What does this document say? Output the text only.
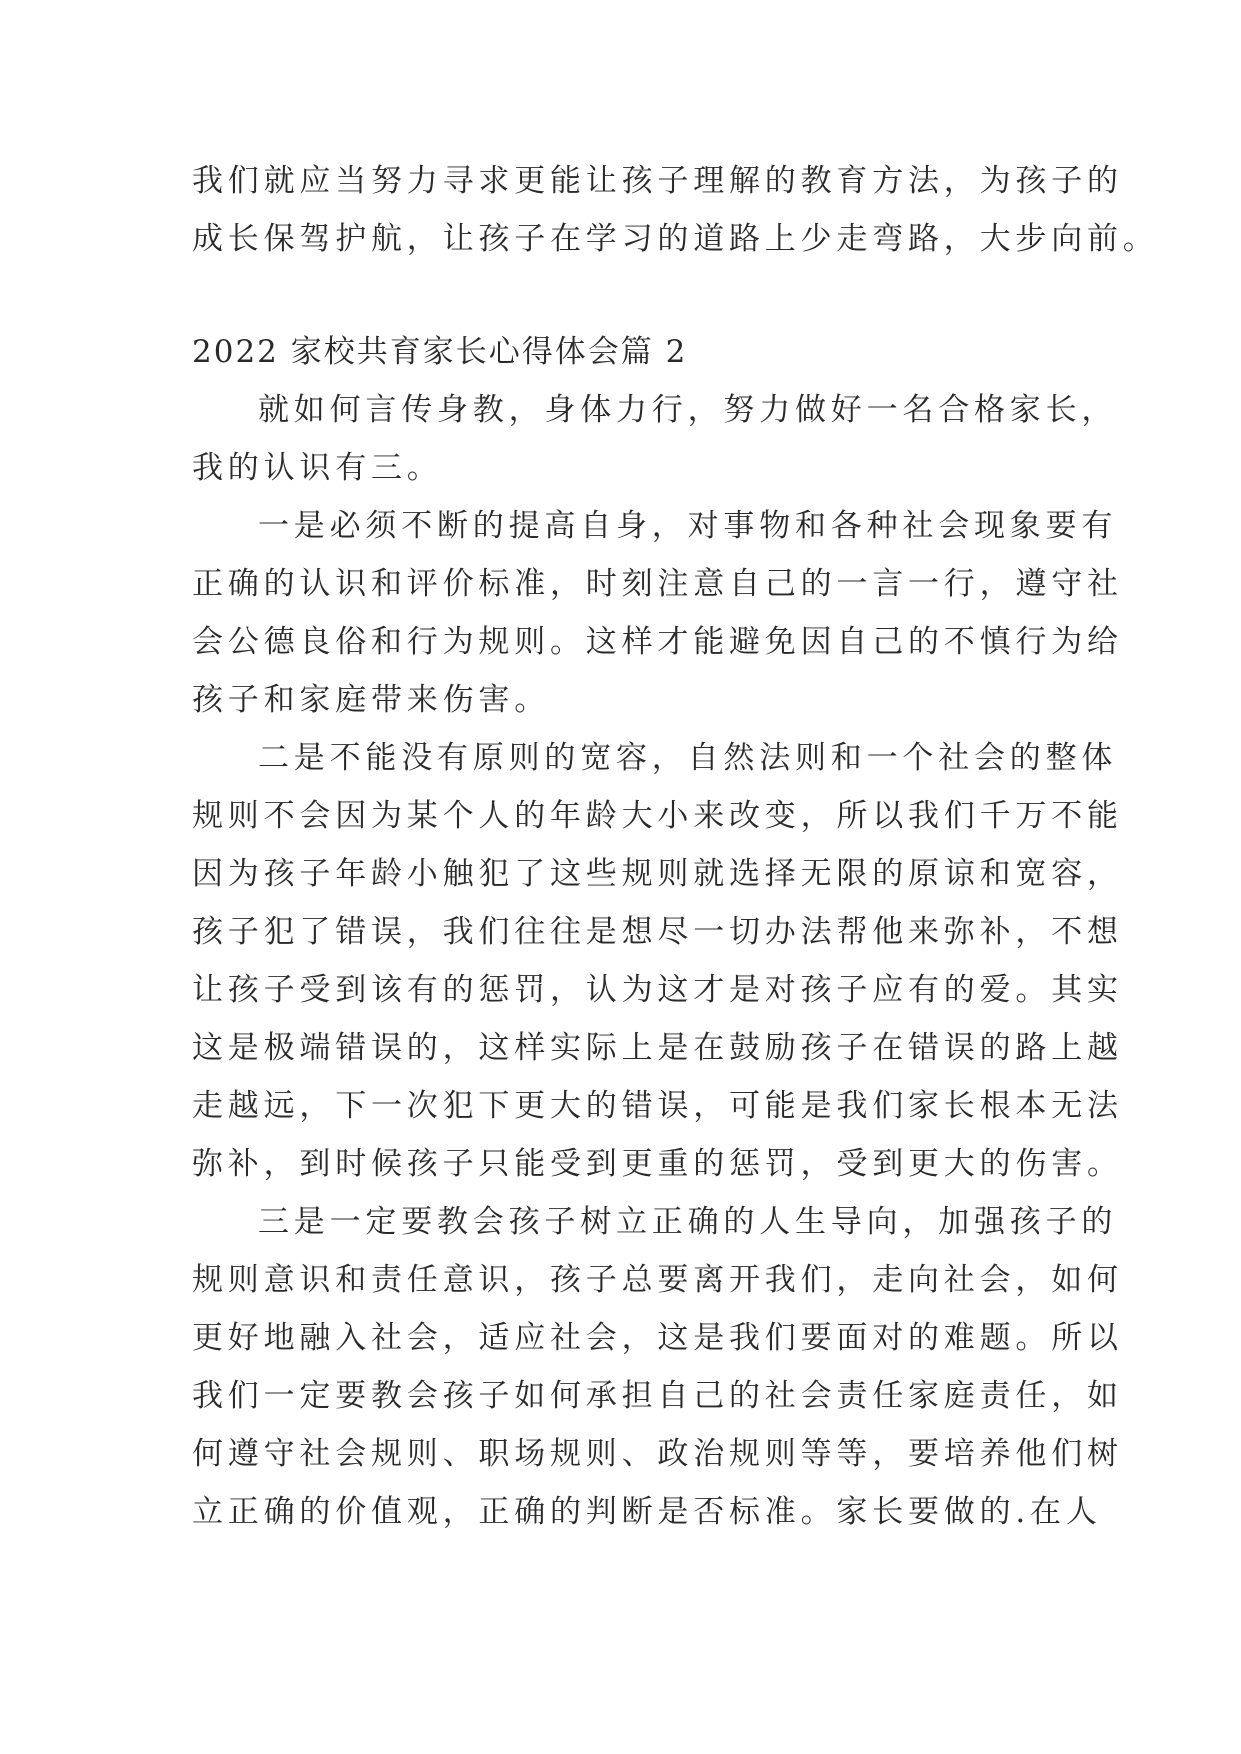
我们就应当努力寻求更能让孩子理解的教育方法，为孩子的
成长保驾护航，让孩子在学习的道路上少走弯路，大步向前。
2022 家校共育家长心得体会篇 2
就如何言传身教，身体力行，努力做好一名合格家长，
我的认识有三。
一是必须不断的提高自身，对事物和各种社会现象要有
正确的认识和评价标准，时刻注意自己的一言一行，遵守社
会公德良俗和行为规则。这样才能避免因自己的不慎行为给
孩子和家庭带来伤害。
二是不能没有原则的宽容，自然法则和一个社会的整体
规则不会因为某个人的年龄大小来改变，所以我们千万不能
因为孩子年龄小触犯了这些规则就选择无限的原谅和宽容，
孩子犯了错误，我们往往是想尽一切办法帮他来弥补，不想
让孩子受到该有的惩罚，认为这才是对孩子应有的爱。其实
这是极端错误的，这样实际上是在鼓励孩子在错误的路上越
走越远，下一次犯下更大的错误，可能是我们家长根本无法
弥补，到时候孩子只能受到更重的惩罚，受到更大的伤害。
三是一定要教会孩子树立正确的人生导向，加强孩子的
规则意识和责任意识，孩子总要离开我们，走向社会，如何
更好地融入社会，适应社会，这是我们要面对的难题。所以
我们一定要教会孩子如何承担自己的社会责任家庭责任，如
何遵守社会规则、职场规则、政治规则等等，要培养他们树
立正确的价值观，正确的判断是否标准。家长要做的.在人
